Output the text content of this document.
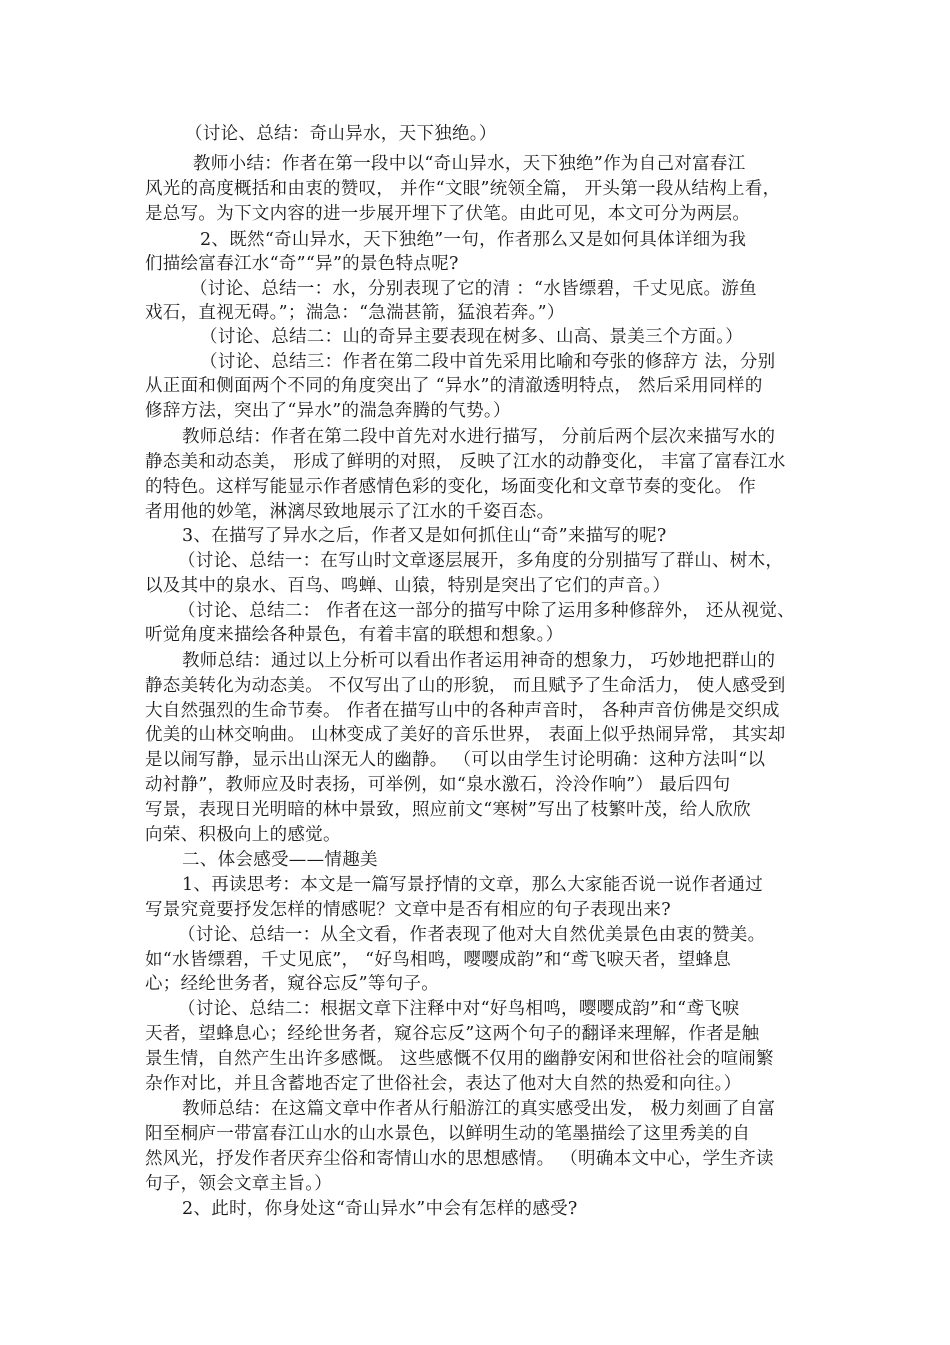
（讨论、总结：奇山异水，天下独绝。）
教师小结：作者在第一段中以“奇山异水，天下独绝”作为自己对富春江
风光的高度概括和由衷的赞叹， 并作“文眼”统领全篇， 开头第一段从结构上看，
是总写。为下文内容的进一步展开埋下了伏笔。由此可见，本文可分为两层。
2、既然“奇山异水，天下独绝”一句，作者那么又是如何具体详细为我
们描绘富春江水“奇”“异”的景色特点呢?
（讨论、总结一：水，分别表现了它的清 ：“水皆缥碧，千丈见底。游鱼
戏石，直视无碍。”；湍急：“急湍甚箭，猛浪若奔。”）
（讨论、总结二：山的奇异主要表现在树多、山高、景美三个方面。）
（讨论、总结三：作者在第二段中首先采用比喻和夸张的修辞方 法，分别
从正面和侧面两个不同的角度突出了 “异水”的清澈透明特点， 然后采用同样的
修辞方法，突出了“异水”的湍急奔腾的气势。）
教师总结：作者在第二段中首先对水进行描写， 分前后两个层次来描写水的
静态美和动态美， 形成了鲜明的对照， 反映了江水的动静变化， 丰富了富春江水
的特色。这样写能显示作者感情色彩的变化，场面变化和文章节奏的变化。 作
者用他的妙笔，淋漓尽致地展示了江水的千姿百态。
3、在描写了异水之后，作者又是如何抓住山“奇”来描写的呢?
（讨论、总结一：在写山时文章逐层展开，多角度的分别描写了群山、树木，
以及其中的泉水、百鸟、鸣蝉、山猿，特别是突出了它们的声音。）
（讨论、总结二： 作者在这一部分的描写中除了运用多种修辞外， 还从视觉、
听觉角度来描绘各种景色，有着丰富的联想和想象。）
教师总结：通过以上分析可以看出作者运用神奇的想象力， 巧妙地把群山的
静态美转化为动态美。 不仅写出了山的形貌， 而且赋予了生命活力， 使人感受到
大自然强烈的生命节奏。 作者在描写山中的各种声音时， 各种声音仿佛是交织成
优美的山林交响曲。 山林变成了美好的音乐世界， 表面上似乎热闹异常， 其实却
是以闹写静，显示出山深无人的幽静。 （可以由学生讨论明确：这种方法叫“以
动衬静”，教师应及时表扬，可举例，如“泉水激石，泠泠作响”） 最后四句
写景，表现日光明暗的林中景致，照应前文“寒树”写出了枝繁叶茂，给人欣欣
向荣、积极向上的感觉。
二、体会感受——情趣美
1、再读思考：本文是一篇写景抒情的文章，那么大家能否说一说作者通过
写景究竟要抒发怎样的情感呢？文章中是否有相应的句子表现出来?
（讨论、总结一：从全文看，作者表现了他对大自然优美景色由衷的赞美。
如“水皆缥碧，千丈见底”， “好鸟相鸣，嘤嘤成韵”和“鸢飞唳天者，望蜂息
心；经纶世务者，窥谷忘反”等句子。
（讨论、总结二：根据文章下注释中对“好鸟相鸣，嘤嘤成韵”和“鸢飞唳
天者，望蜂息心；经纶世务者，窥谷忘反”这两个句子的翻译来理解，作者是触
景生情，自然产生出许多感慨。 这些感慨不仅用的幽静安闲和世俗社会的喧闹繁
杂作对比，并且含蓄地否定了世俗社会，表达了他对大自然的热爱和向往。）
教师总结：在这篇文章中作者从行船游江的真实感受出发， 极力刻画了自富
阳至桐庐一带富春江山水的山水景色，以鲜明生动的笔墨描绘了这里秀美的自
然风光，抒发作者厌弃尘俗和寄情山水的思想感情。 （明确本文中心，学生齐读
句子，领会文章主旨。）
2、此时，你身处这“奇山异水”中会有怎样的感受?
